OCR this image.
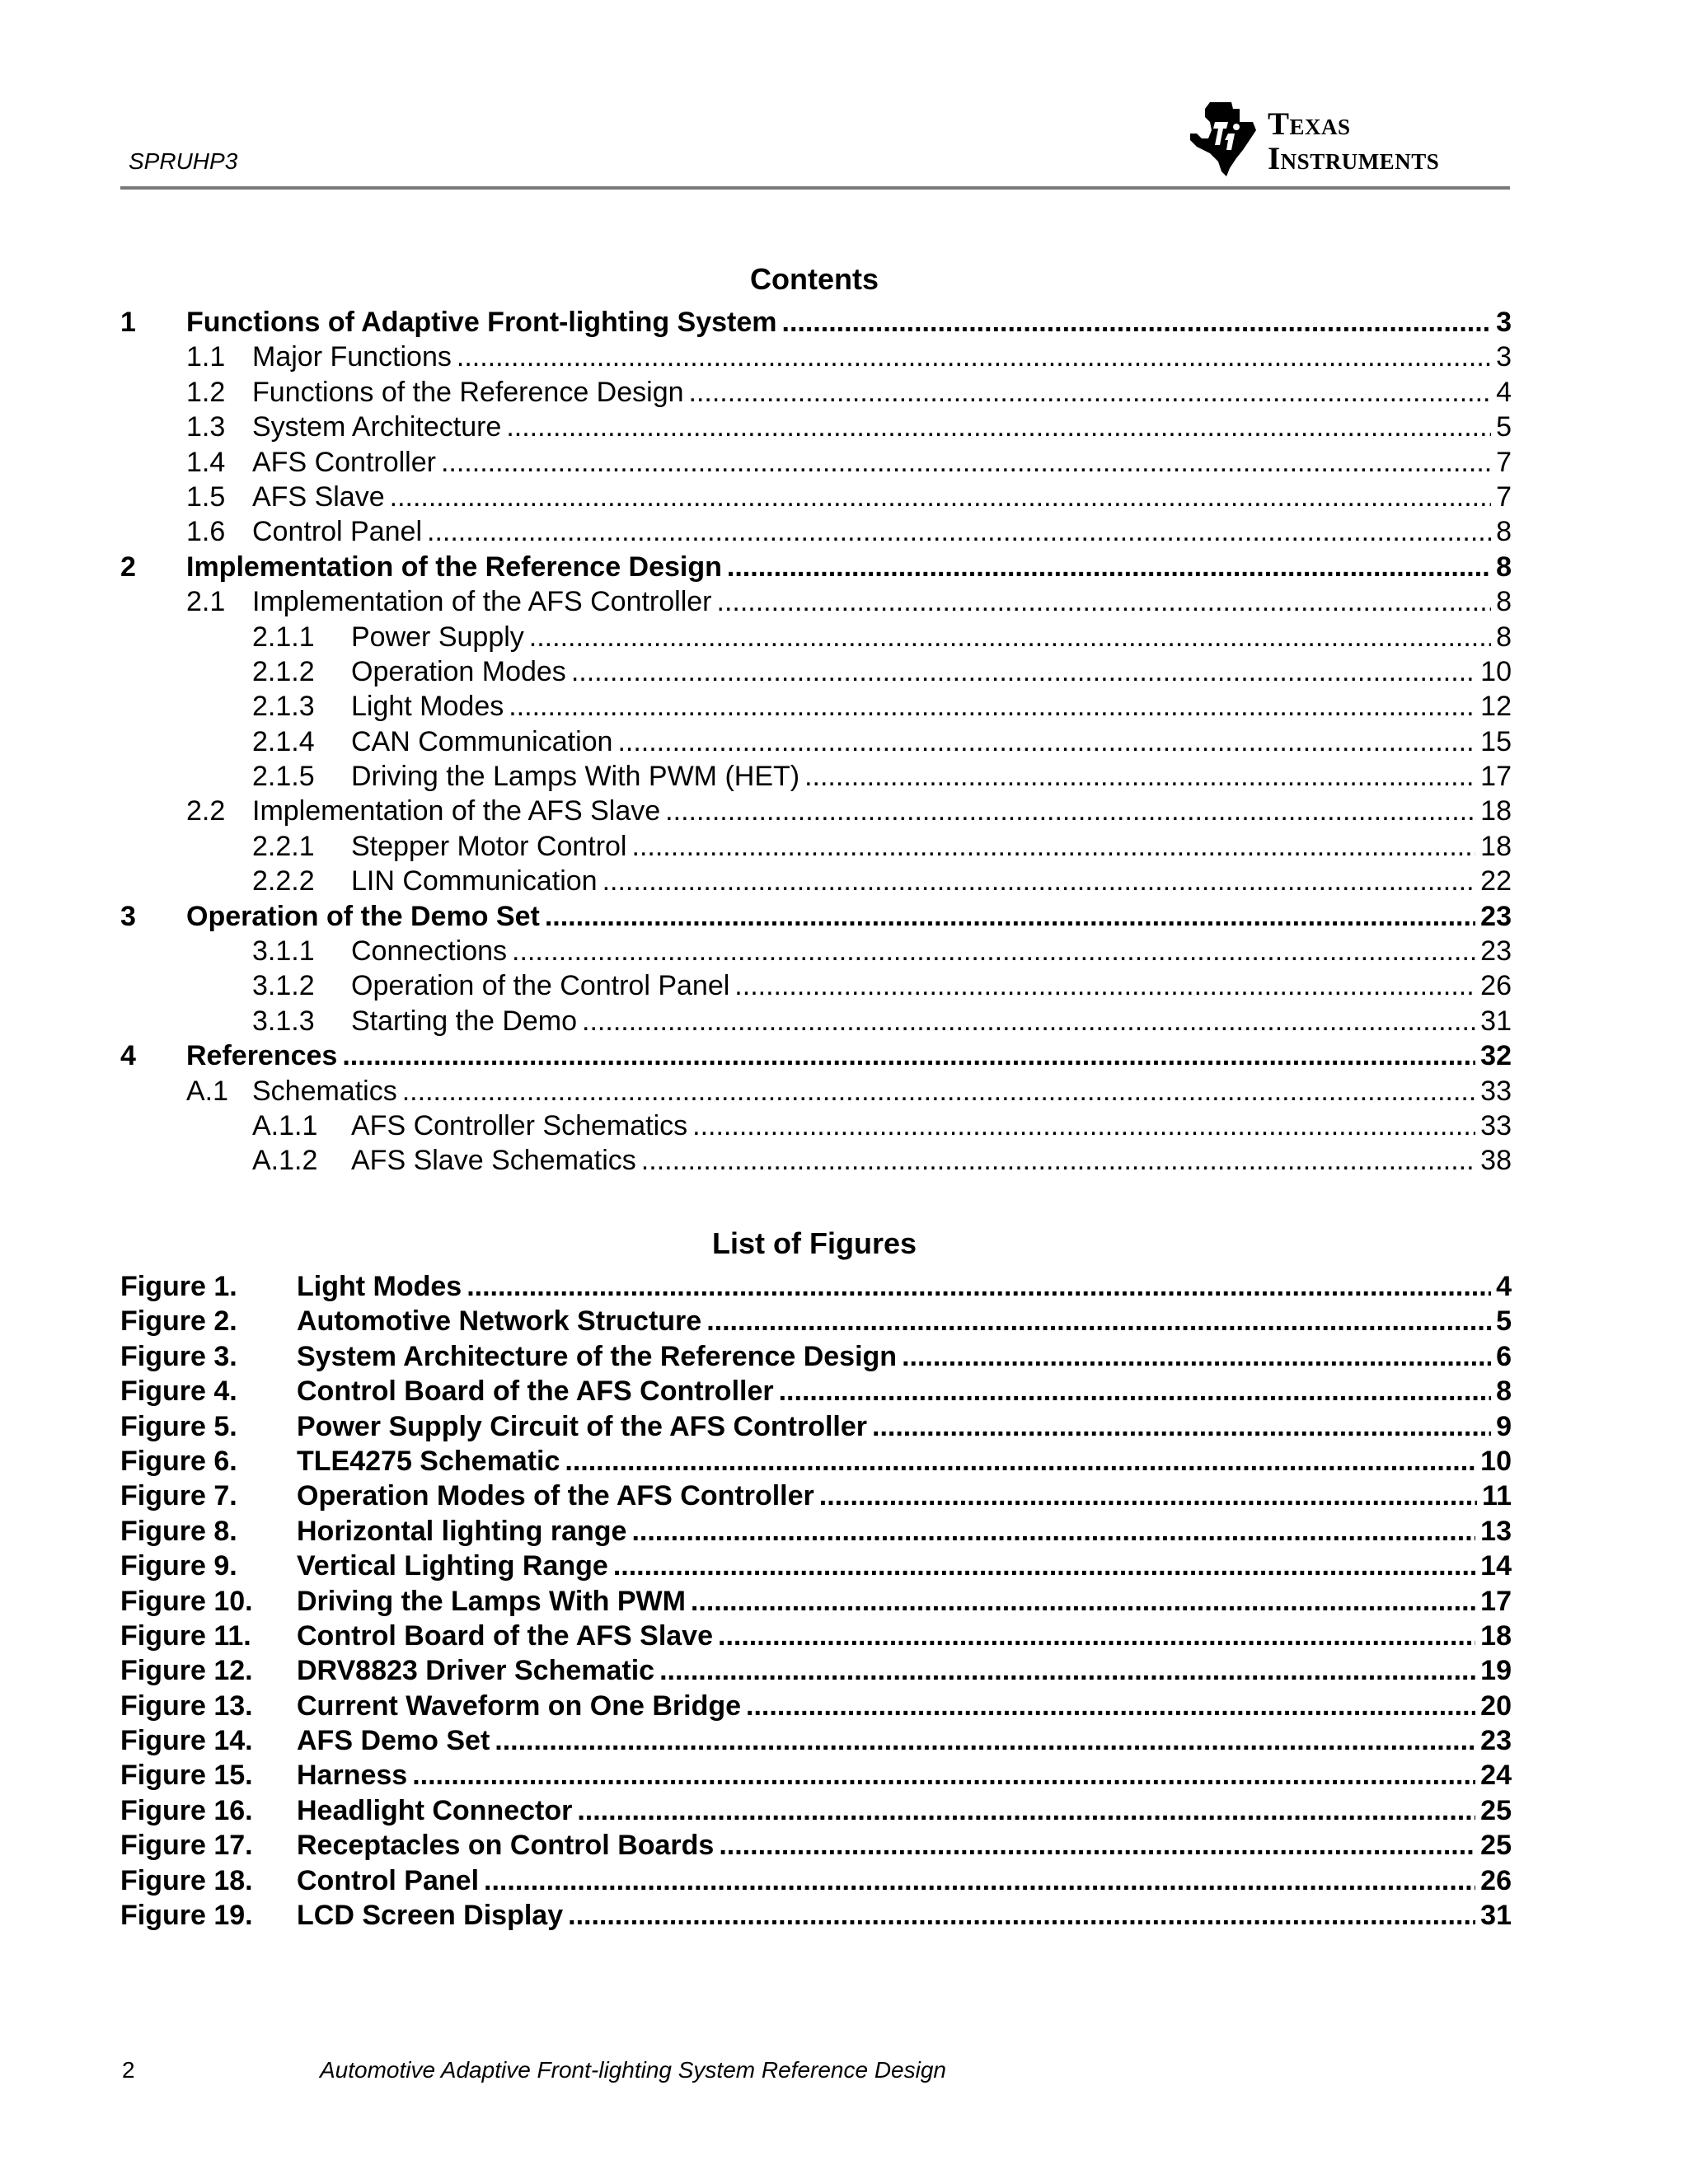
SPRUHP3
Texas
Instruments
Contents
1	Functions of Adaptive Front-lighting System .....	3
1.1 Major Functions .....	3
1.2 Functions of the Reference Design .....	4
1.3 System Architecture .....	5
1.4 AFS Controller .....	7
1.5 AFS Slave .....	7
1.6 Control Panel .....	8
2	Implementation of the Reference Design .....	8
2.1 Implementation of the AFS Controller .....	8
2.1.1	Power Supply .....	8
2.1.2	Operation Modes .....	10
2.1.3	Light Modes .....	12
2.1.4	CAN Communication .....	15
2.1.5	Driving the Lamps With PWM (HET) .....	17
2.2 Implementation of the AFS Slave .....	18
2.2.1	Stepper Motor Control .....	18
2.2.2	LIN Communication .....	22
3	Operation of the Demo Set .....	23
3.1.1	Connections .....	23
3.1.2	Operation of the Control Panel .....	26
3.1.3	Starting the Demo .....	31
4	References .....	32
A.1 Schematics .....	33
A.1.1	AFS Controller Schematics .....	33
A.1.2	AFS Slave Schematics .....	38
List of Figures
Figure 1.	Light Modes .....	4
Figure 2.	Automotive Network Structure .....	5
Figure 3.	System Architecture of the Reference Design .....	6
Figure 4.	Control Board of the AFS Controller .....	8
Figure 5.	Power Supply Circuit of the AFS Controller .....	9
Figure 6.	TLE4275 Schematic .....	10
Figure 7.	Operation Modes of the AFS Controller .....	11
Figure 8.	Horizontal lighting range .....	13
Figure 9.	Vertical Lighting Range .....	14
Figure 10.	Driving the Lamps With PWM .....	17
Figure 11.	Control Board of the AFS Slave .....	18
Figure 12.	DRV8823 Driver Schematic .....	19
Figure 13.	Current Waveform on One Bridge .....	20
Figure 14.	AFS Demo Set .....	23
Figure 15.	Harness .....	24
Figure 16.	Headlight Connector .....	25
Figure 17.	Receptacles on Control Boards .....	25
Figure 18.	Control Panel .....	26
Figure 19.	LCD Screen Display .....	31
2	Automotive Adaptive Front-lighting System Reference Design
